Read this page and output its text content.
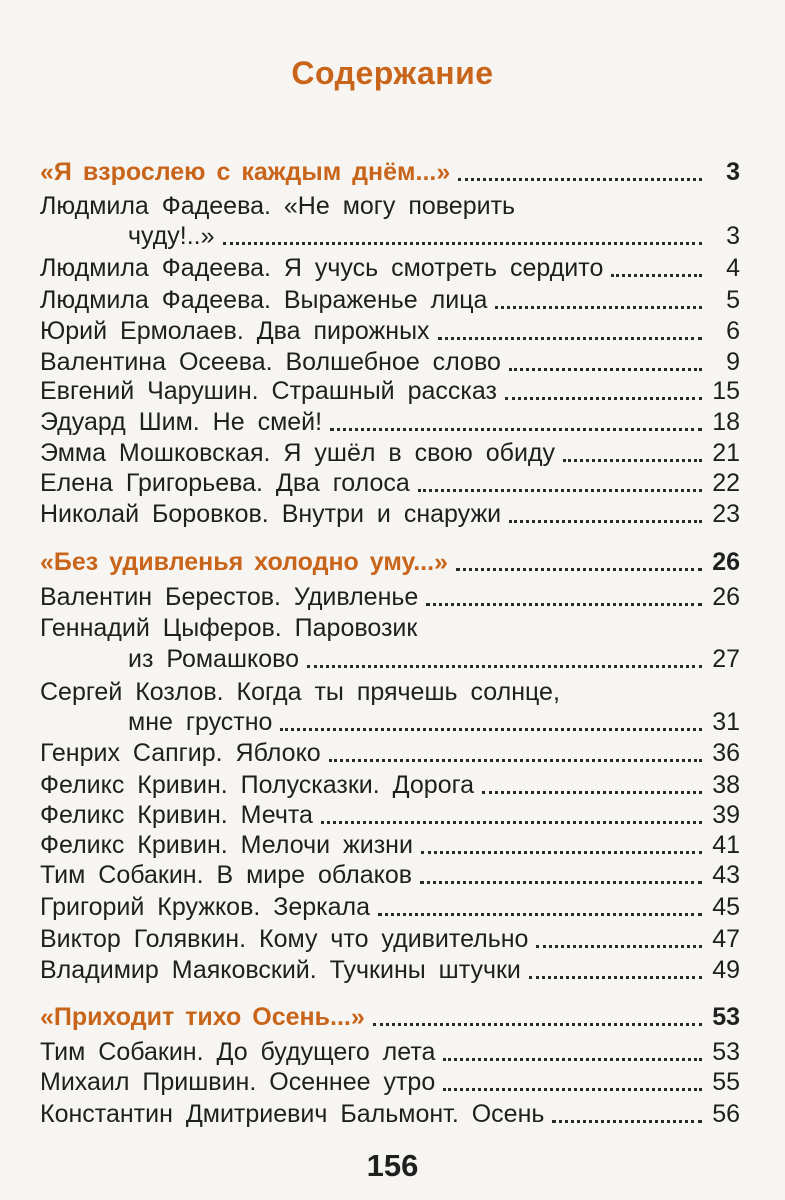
Содержание
«Я взрослею с каждым днём...»	3
Людмила Фадеева. «Не могу поверить
чуду!..»	3
Людмила Фадеева. Я учусь смотреть сердито	4
Людмила Фадеева. Выраженье лица	5
Юрий Ермолаев. Два пирожных	6
Валентина Осеева. Волшебное слово	9
Евгений Чарушин. Страшный рассказ	15
Эдуард Шим. Не смей!	18
Эмма Мошковская. Я ушёл в свою обиду	21
Елена Григорьева. Два голоса	22
Николай Боровков. Внутри и снаружи	23
«Без удивленья холодно уму...»	26
Валентин Берестов. Удивленье	26
Геннадий Цыферов. Паровозик
из Ромашково	27
Сергей Козлов. Когда ты прячешь солнце,
мне грустно	31
Генрих Сапгир. Яблоко	36
Феликс Кривин. Полусказки. Дорога	38
Феликс Кривин. Мечта	39
Феликс Кривин. Мелочи жизни	41
Тим Собакин. В мире облаков	43
Григорий Кружков. Зеркала	45
Виктор Голявкин. Кому что удивительно	47
Владимир Маяковский. Тучкины штучки	49
«Приходит тихо Осень...»	53
Тим Собакин. До будущего лета	53
Михаил Пришвин. Осеннее утро	55
Константин Дмитриевич Бальмонт. Осень	56
156
